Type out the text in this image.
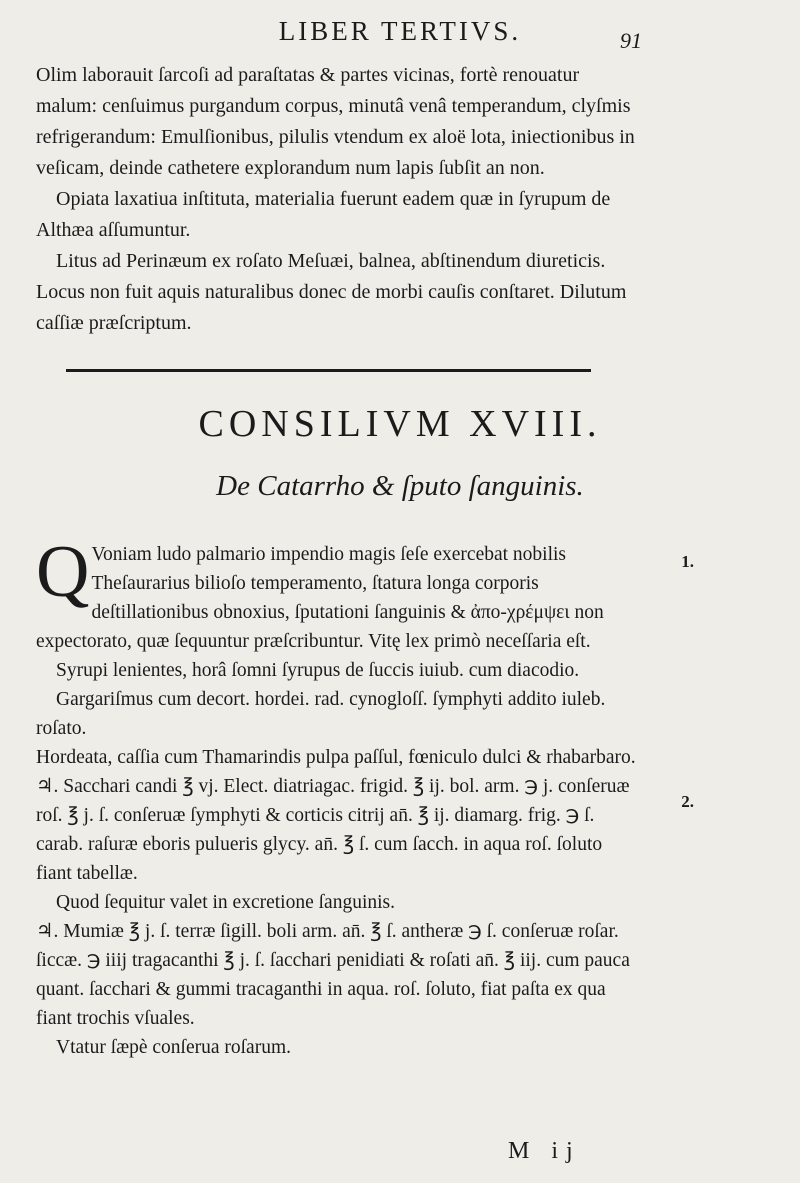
LIBER TERTIVS.	91

Olim laborauit ſarcoſi ad paraſtatas & partes vicinas, fortè renouatur malum: cenſuimus purgandum corpus, minutâ venâ temperandum, clyſmis refrigerandum: Emulſionibus, pilulis vtendum ex aloë lota, iniectionibus in veſicam, deinde cathetere explorandum num lapis ſubſit an non.

Opiata laxatiua inſtituta, materialia fuerunt eadem quæ in ſyrupum de Althæa aſſumuntur.

Litus ad Perinæum ex roſato Meſuæi, balnea, abſtinendum diureticis. Locus non fuit aquis naturalibus donec de morbi cauſis conſtaret. Dilutum caſſiæ præſcriptum.

CONSILIVM XVIII.
De Catarrho & ſputo ſanguinis.

Q Voniam ludo palmario impendio magis ſeſe exercebat nobilis Theſaurarius bilioſo temperamento, ſtatura longa corporis deſtillationibus obnoxius, ſputationi ſanguinis & ἀπο-χρέμψει non expectorato, quæ ſequuntur præſcribuntur. Vitę lex primò neceſſaria eſt.

Syrupi lenientes, horâ ſomni ſyrupus de ſuccis iuiub. cum diacodio.

Gargariſmus cum decort. hordei. rad. cynogloſſ. ſymphyti addito iuleb. roſato.

Hordeata, caſſia cum Thamarindis pulpa paſſul, fœniculo dulci & rhabarbaro.

♃. Sacchari candi ℥ vj. Elect. diatriagac. frigid. ℥ ij. bol. arm. ℈ j. conſeruæ roſ. ℥ j. ſ. conſeruæ ſymphyti & corticis citrij an̄. ℥ ij. diamarg. frig. ℈ ſ. carab. raſuræ eboris pulueris glycy. an̄. ℥ ſ. cum ſacch. in aqua roſ. ſoluto fiant tabellæ.

Quod ſequitur valet in excretione ſanguinis.

♃. Mumiæ ℥ j. ſ. terræ ſigill. boli arm. an̄. ℥ ſ. antheræ ℈ ſ. conſeruæ roſar. ſiccæ. ℈ iiij tragacanthi ℥ j. ſ. ſacchari penidiati & roſati an̄. ℥ iij. cum pauca quant. ſacchari & gummi tracaganthi in aqua. roſ. ſoluto, fiat paſta ex qua fiant trochis vſuales.

Vtatur ſæpè conſerua roſarum.

1.
2.
M ij
